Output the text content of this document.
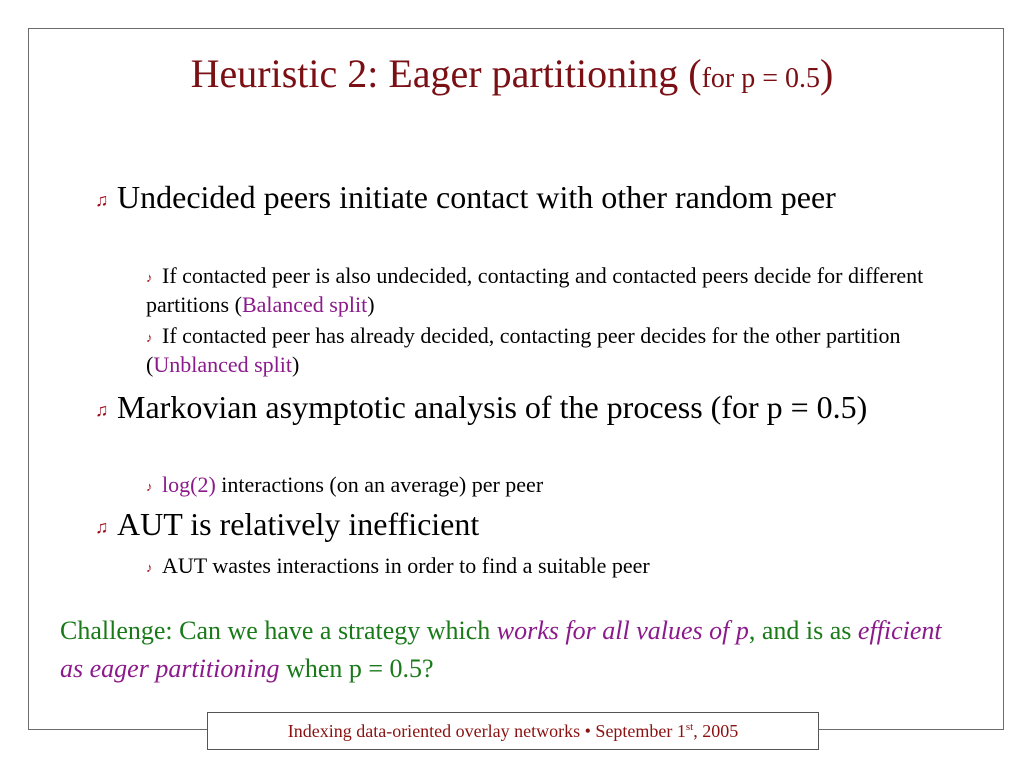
Heuristic 2: Eager partitioning (for p = 0.5)
♫ Undecided peers initiate contact with other random peer
♪ If contacted peer is also undecided, contacting and contacted peers decide for different partitions (Balanced split)
♪ If contacted peer has already decided, contacting peer decides for the other partition (Unblanced split)
♫ Markovian asymptotic analysis of the process (for p = 0.5)
♪ log(2) interactions (on an average) per peer
♫ AUT is relatively inefficient
♪ AUT wastes interactions in order to find a suitable peer
Challenge: Can we have a strategy which works for all values of p, and is as efficient as eager partitioning when p = 0.5?
Indexing data-oriented overlay networks • September 1st, 2005
